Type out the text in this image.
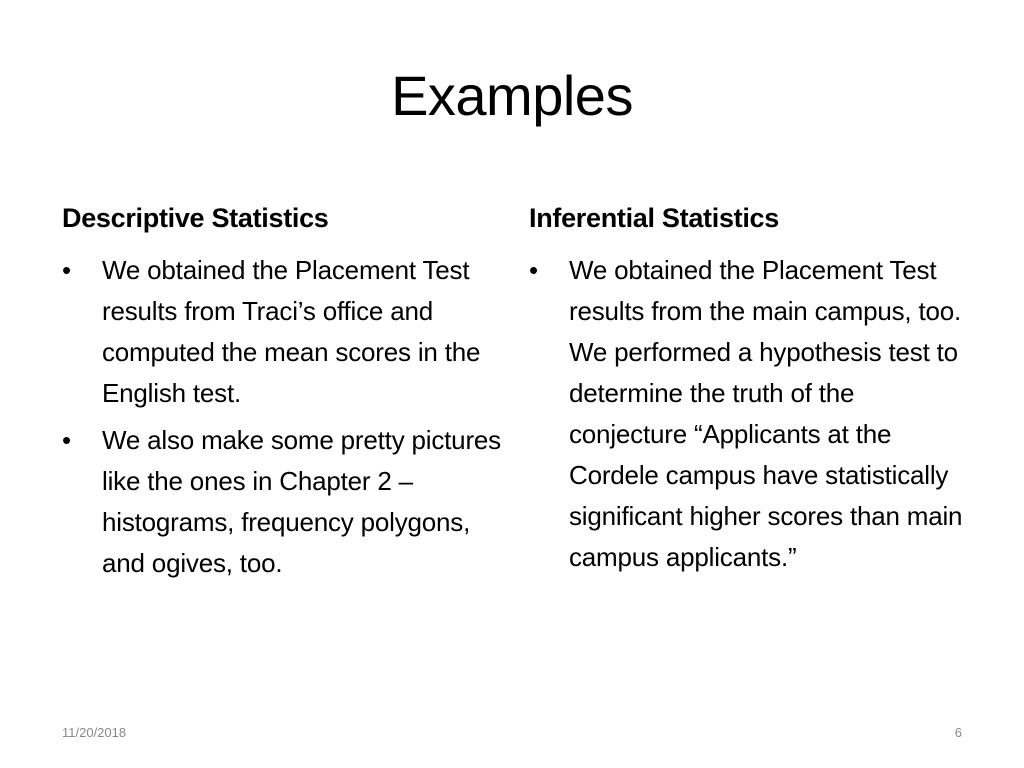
Examples
Descriptive Statistics
•	We obtained the Placement Test results from Traci’s office and computed the mean scores in the English test.
•	We also make some pretty pictures like the ones in Chapter 2 – histograms, frequency polygons, and ogives, too.
Inferential Statistics
•	We obtained the Placement Test results from the main campus, too.   We performed a hypothesis test to determine the truth of the conjecture “Applicants at the Cordele campus have statistically significant higher scores than main campus applicants.”
11/20/2018	6
